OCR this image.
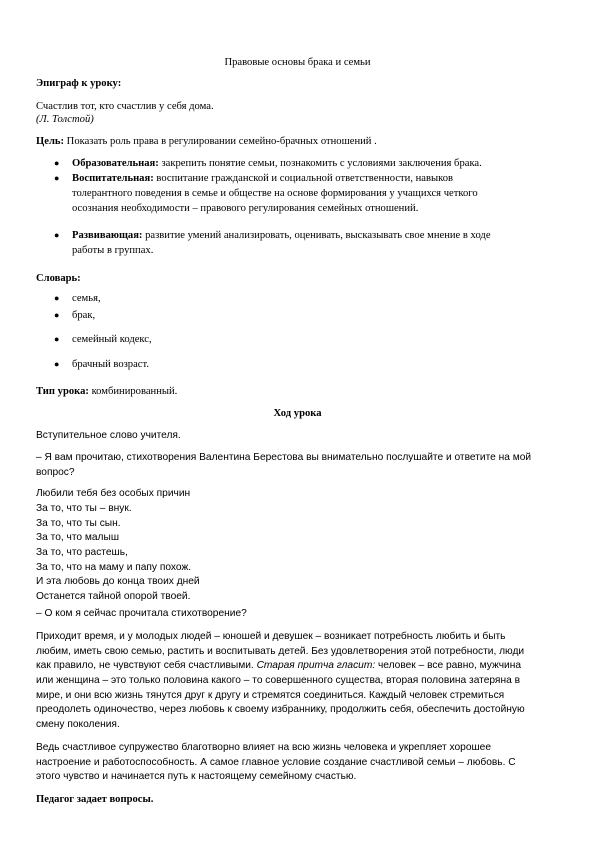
Правовые основы брака и семьи
Эпиграф к уроку:
Счастлив тот, кто счастлив у себя дома.
(Л. Толстой)
Цель: Показать роль права в регулировании семейно-брачных отношений .
● Образовательная: закрепить понятие семьи, познакомить с условиями заключения брака.
● Воспитательная: воспитание гражданской и социальной ответственности, навыков
толерантного поведения в семье и обществе на основе формирования у учащихся четкого
осознания необходимости – правового регулирования семейных отношений.
● Развивающая: развитие умений анализировать, оценивать, высказывать свое мнение в ходе
работы в группах.
Словарь:
● семья,
● брак,
● семейный кодекс,
● брачный возраст.
Тип урока: комбинированный.
Ход урока
Вступительное слово учителя.
– Я вам прочитаю, стихотворения Валентина Берестова вы внимательно послушайте и ответите на мой
вопрос?
Любили тебя без особых причин
За то, что ты – внук.
За то, что ты сын.
За то, что малыш
За то, что растешь,
За то, что на маму и папу похож.
И эта любовь до конца твоих дней
Останется тайной опорой твоей.
– О ком я сейчас прочитала стихотворение?
Приходит время, и у молодых людей – юношей и девушек – возникает потребность любить и быть
любим, иметь свою семью, растить и воспитывать детей. Без удовлетворения этой потребности, люди
как правило, не чувствуют себя счастливыми. Старая притча гласит: человек – все равно, мужчина
или женщина – это только половина какого – то совершенного существа, вторая половина затеряна в
мире, и они всю жизнь тянутся друг к другу и стремятся соединиться. Каждый человек стремиться
преодолеть одиночество, через любовь к своему избраннику, продолжить себя, обеспечить достойную
смену поколения.
Ведь счастливое супружество благотворно влияет на всю жизнь человека и укрепляет хорошее
настроение и работоспособность. А самое главное условие создание счастливой семьи – любовь. С
этого чувство и начинается путь к настоящему семейному счастью.
Педагог задает вопросы.
